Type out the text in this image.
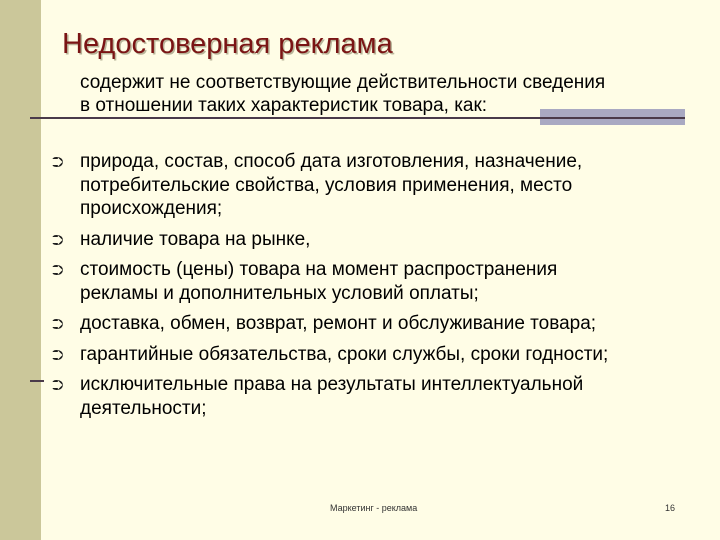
Недостоверная реклама
содержит не соответствующие действительности сведения
в отношении таких характеристик товара, как:
⮊ природа, состав, способ дата изготовления, назначение,
потребительские свойства, условия применения, место
происхождения;
⮊ наличие товара на рынке,
⮊ стоимость (цены) товара на момент распространения
рекламы и дополнительных условий оплаты;
⮊ доставка, обмен, возврат, ремонт и обслуживание товара;
⮊ гарантийные обязательства, сроки службы, сроки годности;
⮊ исключительные права на результаты интеллектуальной
деятельности;
Маркетинг - реклама	16
